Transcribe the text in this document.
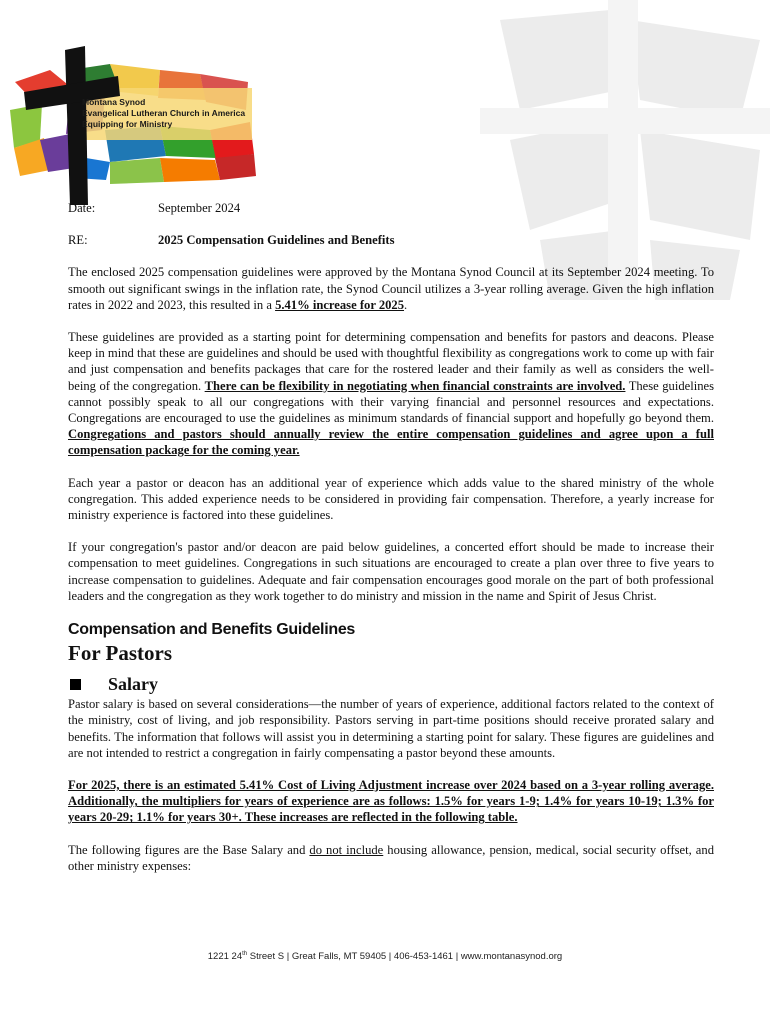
Montana Synod
Evangelical Lutheran Church in America
Equipping for Ministry
Date:	September 2024
RE:	2025 Compensation Guidelines and Benefits

The enclosed 2025 compensation guidelines were approved by the Montana Synod Council at its September 2024 meeting. To smooth out significant swings in the inflation rate, the Synod Council utilizes a 3-year rolling average. Given the high inflation rates in 2022 and 2023, this resulted in a 5.41% increase for 2025.

These guidelines are provided as a starting point for determining compensation and benefits for pastors and deacons. Please keep in mind that these are guidelines and should be used with thoughtful flexibility as congregations work to come up with fair and just compensation and benefits packages that care for the rostered leader and their family as well as considers the well-being of the congregation. There can be flexibility in negotiating when financial constraints are involved. These guidelines cannot possibly speak to all our congregations with their varying financial and personnel resources and expectations. Congregations are encouraged to use the guidelines as minimum standards of financial support and hopefully go beyond them. Congregations and pastors should annually review the entire compensation guidelines and agree upon a full compensation package for the coming year.

Each year a pastor or deacon has an additional year of experience which adds value to the shared ministry of the whole congregation. This added experience needs to be considered in providing fair compensation. Therefore, a yearly increase for ministry experience is factored into these guidelines.

If your congregation's pastor and/or deacon are paid below guidelines, a concerted effort should be made to increase their compensation to meet guidelines. Congregations in such situations are encouraged to create a plan over three to five years to increase compensation to guidelines. Adequate and fair compensation encourages good morale on the part of both professional leaders and the congregation as they work together to do ministry and mission in the name and Spirit of Jesus Christ.

Compensation and Benefits Guidelines
For Pastors
Salary

Pastor salary is based on several considerations—the number of years of experience, additional factors related to the context of the ministry, cost of living, and job responsibility. Pastors serving in part-time positions should receive prorated salary and benefits. The information that follows will assist you in determining a starting point for salary. These figures are guidelines and are not intended to restrict a congregation in fairly compensating a pastor beyond these amounts.

For 2025, there is an estimated 5.41% Cost of Living Adjustment increase over 2024 based on a 3-year rolling average. Additionally, the multipliers for years of experience are as follows: 1.5% for years 1-9; 1.4% for years 10-19; 1.3% for years 20-29; 1.1% for years 30+. These increases are reflected in the following table.

The following figures are the Base Salary and do not include housing allowance, pension, medical, social security offset, and other ministry expenses:

1221 24th Street S | Great Falls, MT 59405 | 406-453-1461 | www.montanasynod.org
